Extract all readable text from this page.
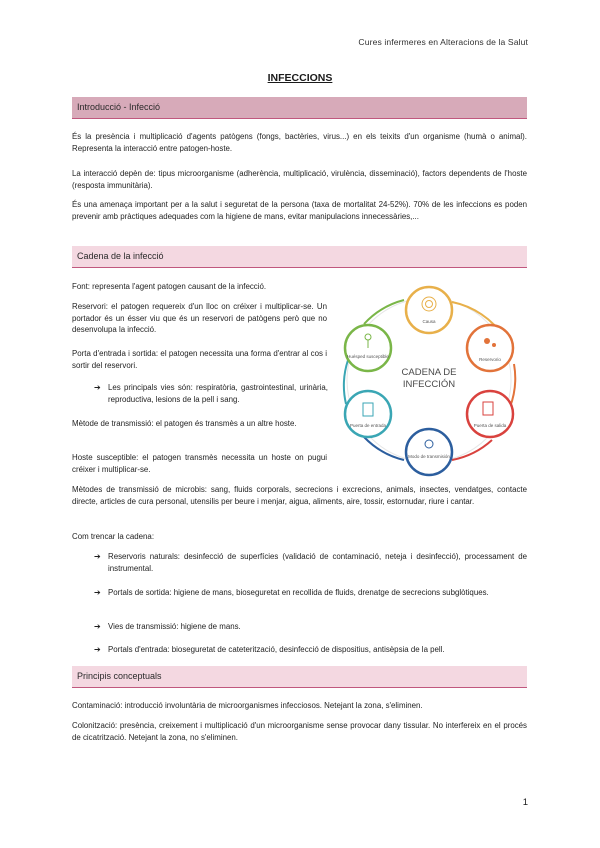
Cures infermeres en Alteracions de la Salut
INFECCIONS
Introducció - Infecció

És la presència i multiplicació d'agents patògens (fongs, bactèries, virus...) en els teixits d'un organisme (humà o animal). Representa la interacció entre patogen-hoste.

La interacció depèn de: tipus microorganisme (adherència, multiplicació, virulència, disseminació), factors dependents de l'hoste (resposta immunitària).

És una amenaça important per a la salut i seguretat de la persona (taxa de mortalitat 24-52%). 70% de les infeccions es poden prevenir amb pràctiques adequades com la higiene de mans, evitar manipulacions innecessàries,...

Cadena de la infecció

Font: representa l'agent patogen causant de la infecció.

Reservori: el patogen requereix d'un lloc on créixer i multiplicar-se. Un portador és un ésser viu que és un reservori de patògens però que no desenvolupa la infecció.

Porta d'entrada i sortida: el patogen necessita una forma d'entrar al cos i sortir del reservori.

➔ Les principals vies són: respiratòria, gastrointestinal, urinària, reproductiva, lesions de la pell i sang.

Mètode de transmissió: el patogen és transmès a un altre hoste.

Hoste susceptible: el patogen transmès necessita un hoste on pugui créixer i multiplicar-se.

Mètodes de transmissió de microbis: sang, fluids corporals, secrecions i excrecions, animals, insectes, vendatges, contacte directe, articles de cura personal, utensilis per beure i menjar, aigua, aliments, aire, tossir, estornudar, riure i cantar.

Com trencar la cadena:

➔ Reservoris naturals: desinfecció de superfícies (validació de contaminació, neteja i desinfecció), processament de instrumental.
➔ Portals de sortida: higiene de mans, bioseguretat en recollida de fluids, drenatge de secrecions subglòtiques.
➔ Vies de transmissió: higiene de mans.
➔ Portals d'entrada: bioseguretat de cateterització, desinfecció de dispositius, antisèpsia de la pell.
Principis conceptuals

Contaminació: introducció involuntària de microorganismes infecciosos. Netejant la zona, s'eliminen.

Colonització: presència, creixement i multiplicació d'un microorganisme sense provocar dany tissular. No interfereix en el procés de cicatrització. Netejant la zona, no s'eliminen.

Causa
Reservorio
Puerta de salida
Modo de transmisión
Puerta de entrada
Huésped susceptible
CADENA DE
INFECCIÓN
1
